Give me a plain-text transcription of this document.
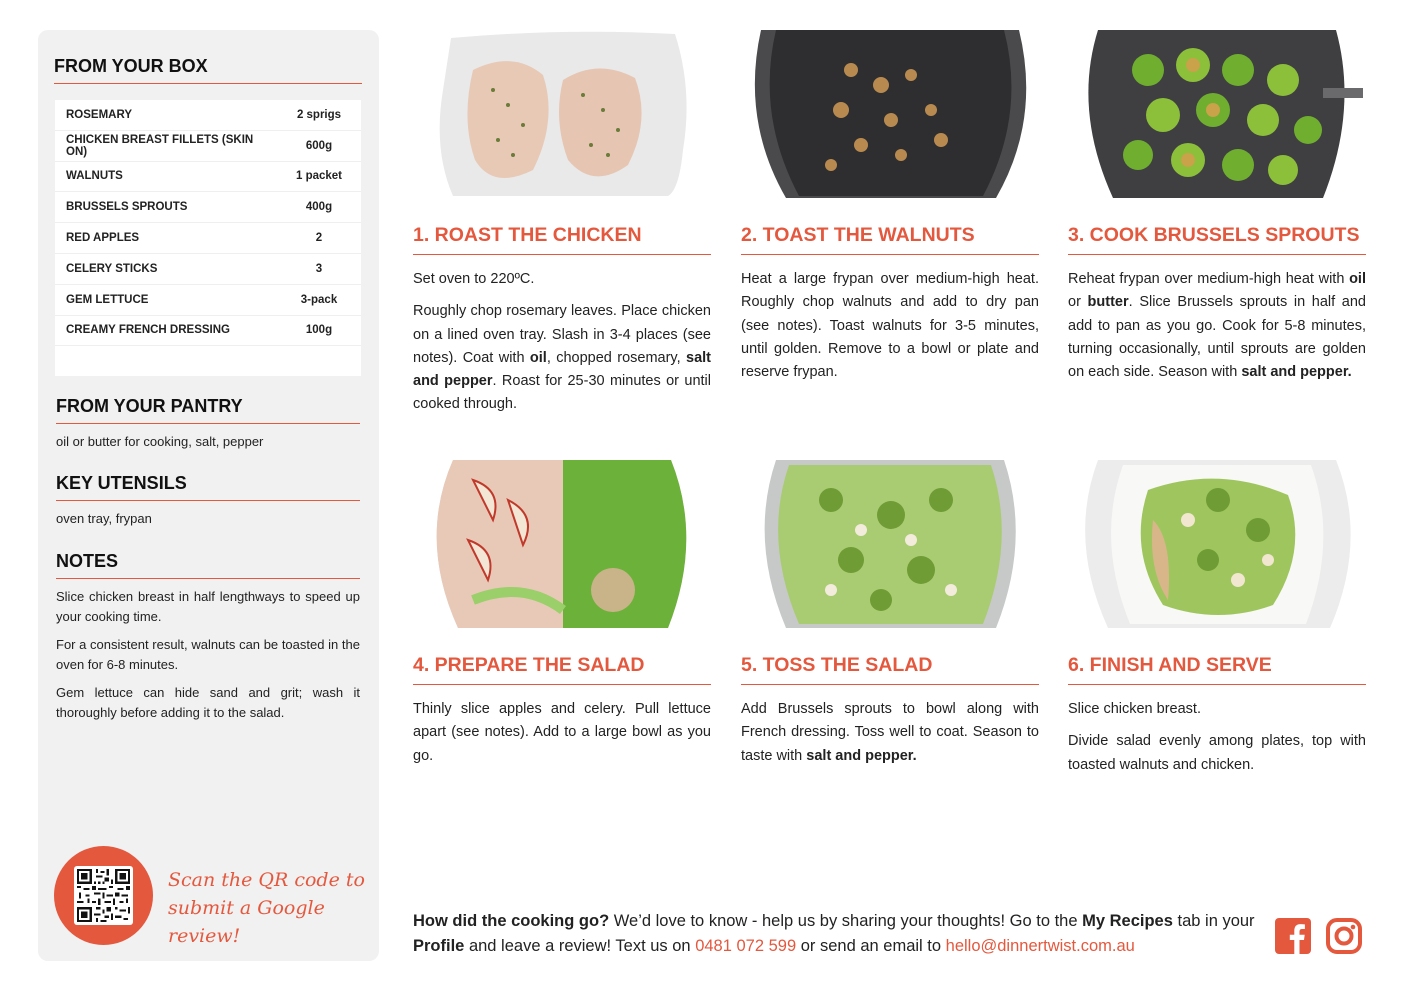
FROM YOUR BOX
ROSEMARY	2 sprigs
CHICKEN BREAST FILLETS (SKIN ON)	600g
WALNUTS	1 packet
BRUSSELS SPROUTS	400g
RED APPLES	2
CELERY STICKS	3
GEM LETTUCE	3-pack
CREAMY FRENCH DRESSING	100g
FROM YOUR PANTRY
oil or butter for cooking, salt, pepper
KEY UTENSILS
oven tray, frypan
NOTES
Slice chicken breast in half lengthways to speed up your cooking time.
For a consistent result, walnuts can be toasted in the oven for 6-8 minutes.
Gem lettuce can hide sand and grit; wash it thoroughly before adding it to the salad.
Scan the QR code to
submit a Google review!
1. ROAST THE CHICKEN
Set oven to 220ºC.
Roughly chop rosemary leaves. Place chicken on a lined oven tray. Slash in 3-4 places (see notes). Coat with oil, chopped rosemary, salt and pepper. Roast for 25-30 minutes or until cooked through.
2. TOAST THE WALNUTS
Heat a large frypan over medium-high heat. Roughly chop walnuts and add to dry pan (see notes). Toast walnuts for 3-5 minutes, until golden. Remove to a bowl or plate and reserve frypan.
3. COOK BRUSSELS SPROUTS
Reheat frypan over medium-high heat with oil or butter. Slice Brussels sprouts in half and add to pan as you go. Cook for 5-8 minutes, turning occasionally, until sprouts are golden on each side. Season with salt and pepper.
4. PREPARE THE SALAD
Thinly slice apples and celery. Pull lettuce apart (see notes). Add to a large bowl as you go.
5. TOSS THE SALAD
Add Brussels sprouts to bowl along with French dressing. Toss well to coat. Season to taste with salt and pepper.
6. FINISH AND SERVE
Slice chicken breast.
Divide salad evenly among plates, top with toasted walnuts and chicken.
How did the cooking go? We’d love to know - help us by sharing your thoughts! Go to the My Recipes tab in your Profile and leave a review! Text us on 0481 072 599 or send an email to hello@dinnertwist.com.au
